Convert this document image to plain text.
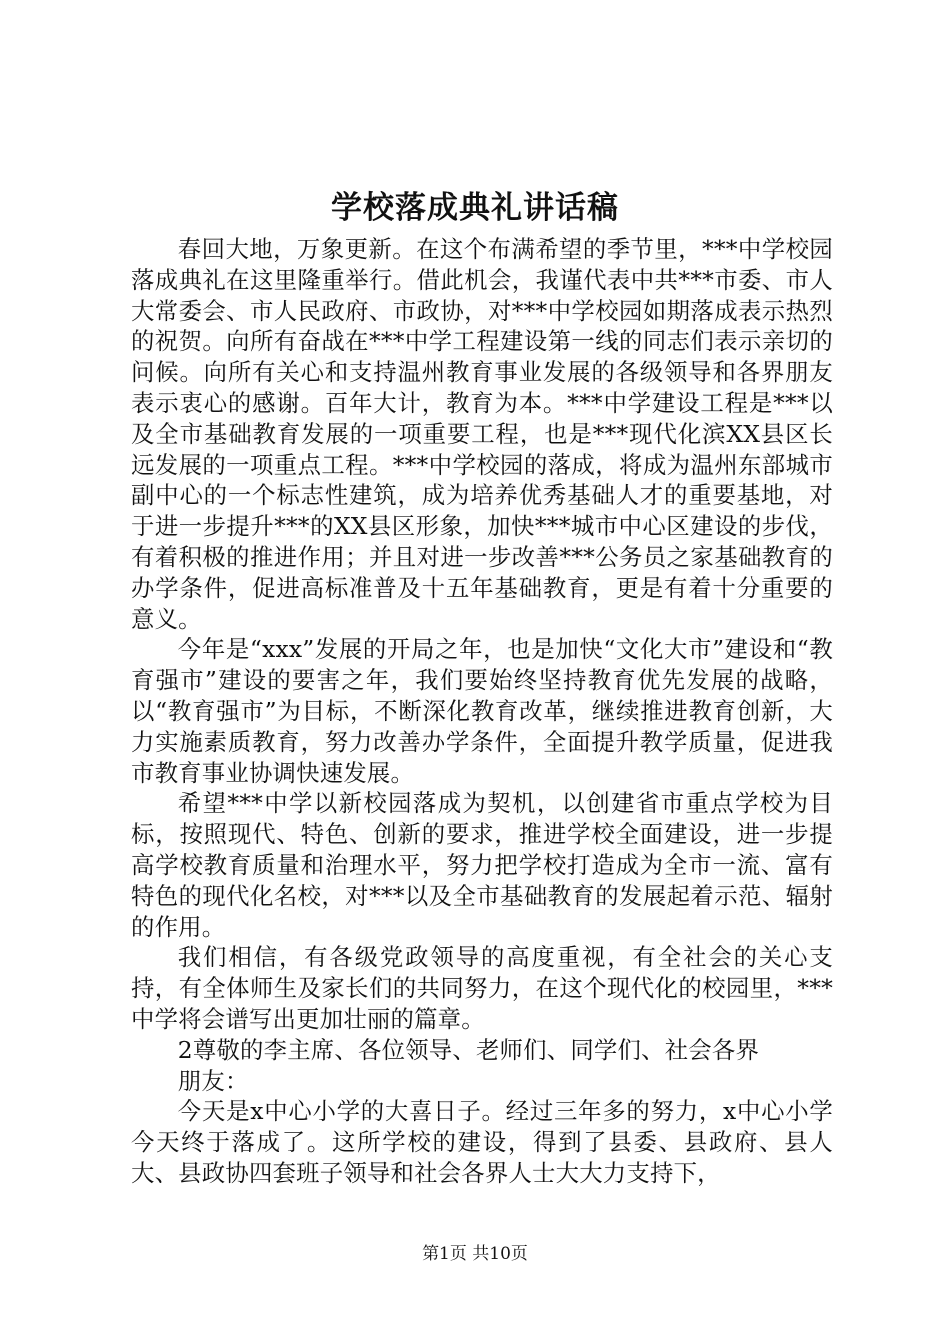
学校落成典礼讲话稿

春回大地，万象更新。在这个布满希望的季节里，***中学校园落成典礼在这里隆重举行。借此机会，我谨代表中共***市委、市人大常委会、市人民政府、市政协，对***中学校园如期落成表示热烈的祝贺。向所有奋战在***中学工程建设第一线的同志们表示亲切的问候。向所有关心和支持温州教育事业发展的各级领导和各界朋友表示衷心的感谢。百年大计，教育为本。***中学建设工程是***以及全市基础教育发展的一项重要工程，也是***现代化滨XX县区长远发展的一项重点工程。***中学校园的落成，将成为温州东部城市副中心的一个标志性建筑，成为培养优秀基础人才的重要基地，对于进一步提升***的XX县区形象，加快***城市中心区建设的步伐，有着积极的推进作用；并且对进一步改善***公务员之家基础教育的办学条件，促进高标准普及十五年基础教育，更是有着十分重要的意义。

今年是“xxx”发展的开局之年，也是加快“文化大市”建设和“教育强市”建设的要害之年，我们要始终坚持教育优先发展的战略，以“教育强市”为目标，不断深化教育改革，继续推进教育创新，大力实施素质教育，努力改善办学条件，全面提升教学质量，促进我市教育事业协调快速发展。

希望***中学以新校园落成为契机，以创建省市重点学校为目标，按照现代、特色、创新的要求，推进学校全面建设，进一步提高学校教育质量和治理水平，努力把学校打造成为全市一流、富有特色的现代化名校，对***以及全市基础教育的发展起着示范、辐射的作用。

我们相信，有各级党政领导的高度重视，有全社会的关心支持，有全体师生及家长们的共同努力，在这个现代化的校园里，***中学将会谱写出更加壮丽的篇章。

2尊敬的李主席、各位领导、老师们、同学们、社会各界

朋友：

今天是x中心小学的大喜日子。经过三年多的努力，x中心小学今天终于落成了。这所学校的建设，得到了县委、县政府、县人大、县政协四套班子领导和社会各界人士大大力支持下，

第1页 共10页
